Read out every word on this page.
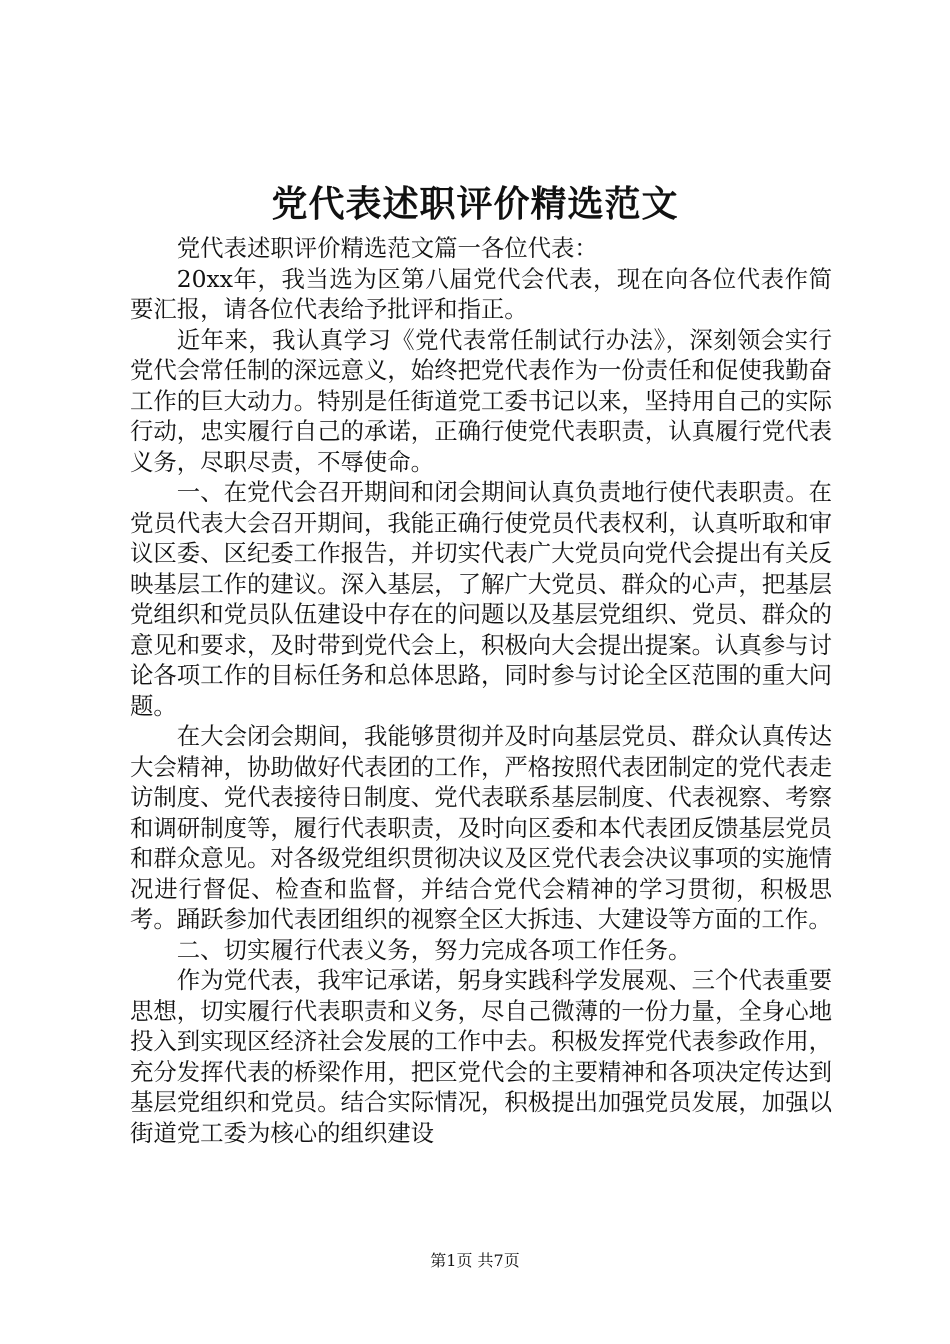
党代表述职评价精选范文

党代表述职评价精选范文篇一各位代表：

20xx年，我当选为区第八届党代会代表，现在向各位代表作简要汇报，请各位代表给予批评和指正。

近年来，我认真学习《党代表常任制试行办法》，深刻领会实行党代会常任制的深远意义，始终把党代表作为一份责任和促使我勤奋工作的巨大动力。特别是任街道党工委书记以来，坚持用自己的实际行动，忠实履行自己的承诺，正确行使党代表职责，认真履行党代表义务，尽职尽责，不辱使命。

一、在党代会召开期间和闭会期间认真负责地行使代表职责。在党员代表大会召开期间，我能正确行使党员代表权利，认真听取和审议区委、区纪委工作报告，并切实代表广大党员向党代会提出有关反映基层工作的建议。深入基层，了解广大党员、群众的心声，把基层党组织和党员队伍建设中存在的问题以及基层党组织、党员、群众的意见和要求，及时带到党代会上，积极向大会提出提案。认真参与讨论各项工作的目标任务和总体思路，同时参与讨论全区范围的重大问题。

在大会闭会期间，我能够贯彻并及时向基层党员、群众认真传达大会精神，协助做好代表团的工作，严格按照代表团制定的党代表走访制度、党代表接待日制度、党代表联系基层制度、代表视察、考察和调研制度等，履行代表职责，及时向区委和本代表团反馈基层党员和群众意见。对各级党组织贯彻决议及区党代表会决议事项的实施情况进行督促、检查和监督，并结合党代会精神的学习贯彻，积极思考。踊跃参加代表团组织的视察全区大拆违、大建设等方面的工作。

二、切实履行代表义务，努力完成各项工作任务。

作为党代表，我牢记承诺，躬身实践科学发展观、三个代表重要思想，切实履行代表职责和义务，尽自己微薄的一份力量，全身心地投入到实现区经济社会发展的工作中去。积极发挥党代表参政作用，充分发挥代表的桥梁作用，把区党代会的主要精神和各项决定传达到基层党组织和党员。结合实际情况，积极提出加强党员发展，加强以街道党工委为核心的组织建设

第1页 共7页
